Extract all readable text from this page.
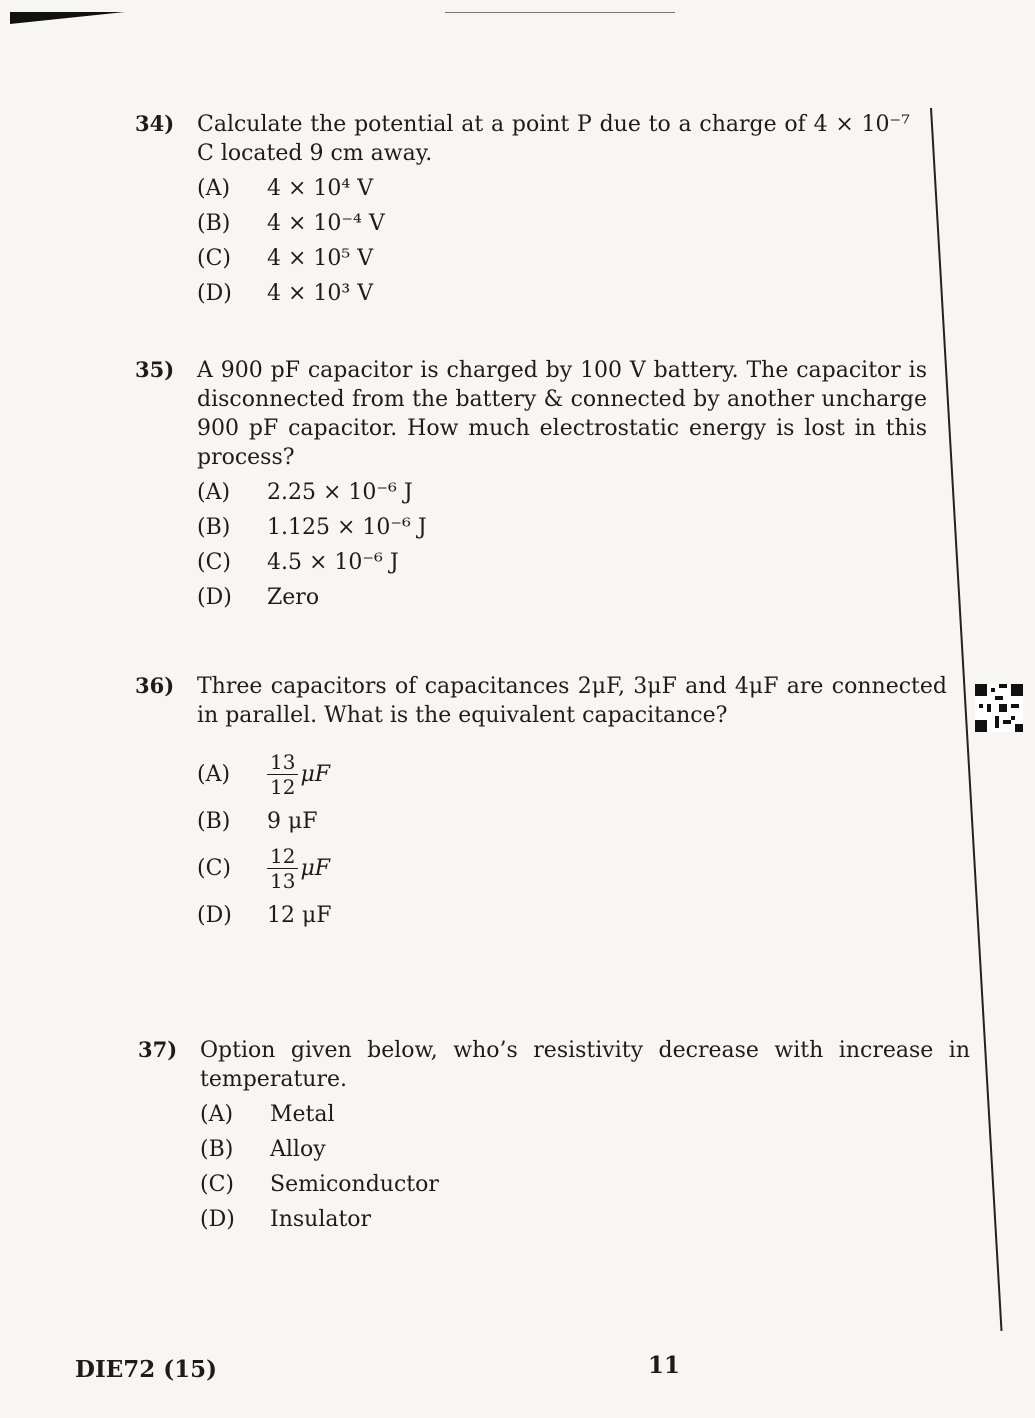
34)	Calculate the potential at a point P due to a charge of 4 × 10⁻⁷ C located 9 cm away.
(A)	4 × 10⁴ V
(B)	4 × 10⁻⁴ V
(C)	4 × 10⁵ V
(D)	4 × 10³ V
35)	A 900 pF capacitor is charged by 100 V battery. The capacitor is disconnected from the battery & connected by another uncharge 900 pF capacitor. How much electrostatic energy is lost in this process?
(A)	2.25 × 10⁻⁶ J
(B)	1.125 × 10⁻⁶ J
(C)	4.5 × 10⁻⁶ J
(D)	Zero
36)	Three capacitors of capacitances 2μF, 3μF and 4μF are connected in parallel. What is the equivalent capacitance?
(A)	$\frac{13}{12}$ μF
(B)	9 μF
(C)	$\frac{12}{13}$ μF
(D)	12 μF
37)	Option given below, who’s resistivity decrease with increase in temperature.
(A)	Metal
(B)	Alloy
(C)	Semiconductor
(D)	Insulator
DIE72 (15)	11
